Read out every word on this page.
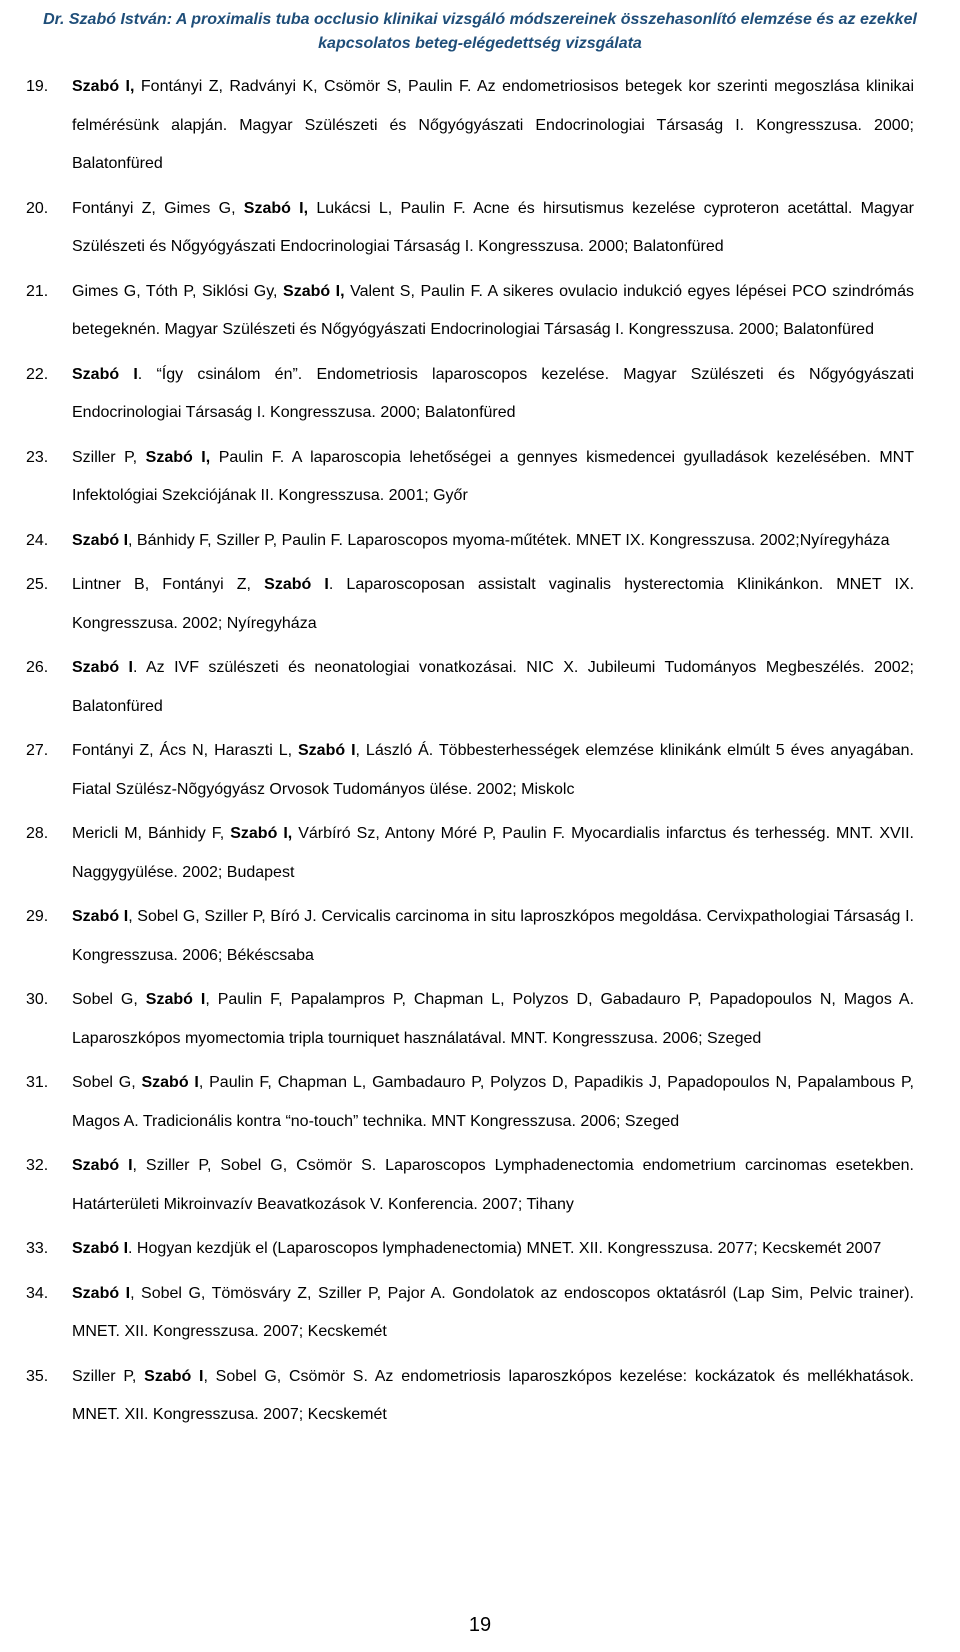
Dr. Szabó István: A proximalis tuba occlusio klinikai vizsgáló módszereinek összehasonlító elemzése és az ezekkel
kapcsolatos beteg-elégedettség vizsgálata
19.	Szabó I, Fontányi Z, Radványi K, Csömör S, Paulin F. Az endometriosisos betegek kor szerinti megoszlása klinikai felmérésünk alapján. Magyar Szülészeti és Nőgyógyászati Endocrinologiai Társaság I. Kongresszusa. 2000; Balatonfüred
20.	Fontányi Z, Gimes G, Szabó I, Lukácsi L, Paulin F. Acne és hirsutismus kezelése cyproteron acetáttal. Magyar Szülészeti és Nőgyógyászati Endocrinologiai Társaság I. Kongresszusa. 2000; Balatonfüred
21.	Gimes G, Tóth P, Siklósi Gy, Szabó I, Valent S, Paulin F. A sikeres ovulacio indukció egyes lépései PCO szindrómás betegeknén. Magyar Szülészeti és Nőgyógyászati Endocrinologiai Társaság I. Kongresszusa. 2000; Balatonfüred
22.	Szabó I. “Így csinálom én”. Endometriosis laparoscopos kezelése. Magyar Szülészeti és Nőgyógyászati Endocrinologiai Társaság I. Kongresszusa. 2000; Balatonfüred
23.	Sziller P, Szabó I, Paulin F. A laparoscopia lehetőségei a gennyes kismedencei gyulladások kezelésében. MNT Infektológiai Szekciójának II. Kongresszusa. 2001; Győr
24.	Szabó I, Bánhidy F, Sziller P, Paulin F. Laparoscopos myoma-műtétek. MNET IX. Kongresszusa. 2002;Nyíregyháza
25.	Lintner B, Fontányi Z, Szabó I. Laparoscoposan assistalt vaginalis hysterectomia Klinikánkon. MNET IX. Kongresszusa. 2002; Nyíregyháza
26.	Szabó I. Az IVF szülészeti és neonatologiai vonatkozásai. NIC X. Jubileumi Tudományos Megbeszélés. 2002; Balatonfüred
27.	Fontányi Z, Ács N, Haraszti L, Szabó I, László Á. Többesterhességek elemzése klinikánk elmúlt 5 éves anyagában. Fiatal Szülész-Nõgyógyász Orvosok Tudományos ülése. 2002; Miskolc
28.	Mericli M, Bánhidy F, Szabó I, Várbíró Sz, Antony Móré P, Paulin F. Myocardialis infarctus és terhesség. MNT. XVII. Naggygyülése. 2002; Budapest
29.	Szabó I, Sobel G, Sziller P, Bíró J. Cervicalis carcinoma in situ laproszkópos megoldása. Cervixpathologiai Társaság I. Kongresszusa. 2006; Békéscsaba
30.	Sobel G, Szabó I, Paulin F, Papalampros P, Chapman L, Polyzos D, Gabadauro P, Papadopoulos N, Magos A. Laparoszkópos myomectomia tripla tourniquet használatával. MNT. Kongresszusa. 2006; Szeged
31.	Sobel G, Szabó I, Paulin F, Chapman L, Gambadauro P, Polyzos D, Papadikis J, Papadopoulos N, Papalambous P, Magos A. Tradicionális kontra “no-touch” technika. MNT Kongresszusa. 2006; Szeged
32.	Szabó I, Sziller P, Sobel G, Csömör S. Laparoscopos Lymphadenectomia endometrium carcinomas esetekben. Határterületi Mikroinvazív Beavatkozások V. Konferencia. 2007; Tihany
33.	Szabó I. Hogyan kezdjük el (Laparoscopos lymphadenectomia) MNET. XII. Kongresszusa. 2077; Kecskemét 2007
34.	Szabó I, Sobel G, Tömösváry Z, Sziller P, Pajor A. Gondolatok az endoscopos oktatásról (Lap Sim, Pelvic trainer). MNET. XII. Kongresszusa. 2007; Kecskemét
35.	Sziller P, Szabó I, Sobel G, Csömör S. Az endometriosis laparoszkópos kezelése: kockázatok és mellékhatások. MNET. XII. Kongresszusa. 2007; Kecskemét
19
